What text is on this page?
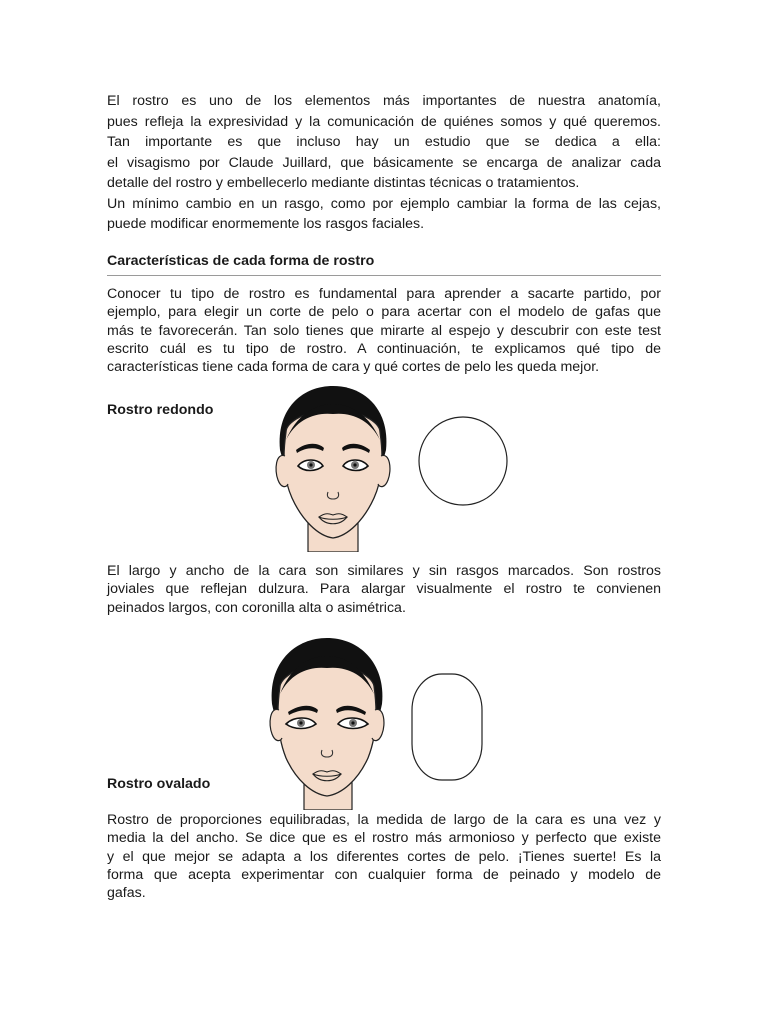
El rostro es uno de los elementos más importantes de nuestra anatomía,
pues refleja la expresividad y la comunicación de quiénes somos y qué queremos.
Tan importante es que incluso hay un estudio que se dedica a ella:
el visagismo por Claude Juillard, que básicamente se encarga de analizar cada
detalle del rostro y embellecerlo mediante distintas técnicas o tratamientos.
Un mínimo cambio en un rasgo, como por ejemplo cambiar la forma de las cejas,
puede modificar enormemente los rasgos faciales.
Características de cada forma de rostro
Conocer tu tipo de rostro es fundamental para aprender a sacarte partido, por
ejemplo, para elegir un corte de pelo o para acertar con el modelo de gafas que
más te favorecerán. Tan solo tienes que mirarte al espejo y descubrir con este test
escrito cuál es tu tipo de rostro. A continuación, te explicamos qué tipo de
características tiene cada forma de cara y qué cortes de pelo les queda mejor.
Rostro redondo
El largo y ancho de la cara son similares y sin rasgos marcados. Son rostros
joviales que reflejan dulzura. Para alargar visualmente el rostro te convienen
peinados largos, con coronilla alta o asimétrica.
Rostro ovalado
Rostro de proporciones equilibradas, la medida de largo de la cara es una vez y
media la del ancho. Se dice que es el rostro más armonioso y perfecto que existe
y el que mejor se adapta a los diferentes cortes de pelo. ¡Tienes suerte! Es la
forma que acepta experimentar con cualquier forma de peinado y modelo de
gafas.
